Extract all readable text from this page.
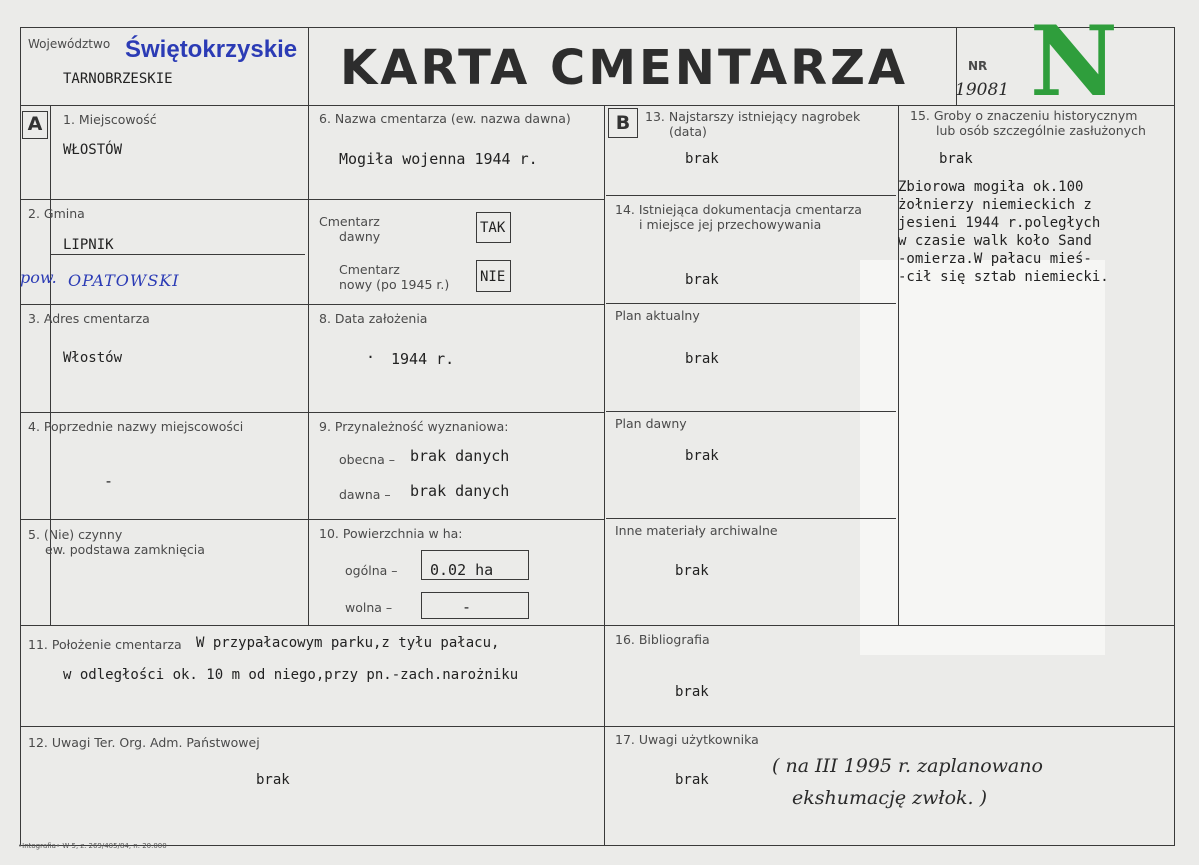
Województwo Świętokrzyskie
TARNOBRZESKIE	KARTA CMENTARZA	NR
19081 N
A	B
1. Miejscowość
WŁOSTÓW
2. Gmina
LIPNIK
pow. OPATOWSKI
3. Adres cmentarza
Włostów
4. Poprzednie nazwy miejscowości
-
5. (Nie) czynny
ew. podstawa zamknięcia
6. Nazwa cmentarza (ew. nazwa dawna)
Mogiła wojenna 1944 r.
Cmentarz
dawny
TAK
Cmentarz
nowy (po 1945 r.) NIE
8. Data założenia
· 1944 r.
9. Przynależność wyznaniowa:
obecna – brak danych
dawna – brak danych
10. Powierzchnia w ha:
ogólna – 0.02 ha
wolna –	-
13. Najstarszy istniejący nagrobek
(data)
brak
14. Istniejąca dokumentacja cmentarza
i miejsce jej przechowywania
brak
Plan aktualny
brak
Plan dawny
brak
Inne materiały archiwalne
brak
15. Groby o znaczeniu historycznym
lub osób szczególnie zasłużonych
brak
Zbiorowa mogiła ok.100
żołnierzy niemieckich z
jesieni 1944 r.poległych
w czasie walk koło Sand
-omierza.W pałacu mieś-
-cił się sztab niemiecki.
11. Położenie cmentarza W przypałacowym parku,z tyłu pałacu,
w odległości ok. 10 m od niego,przy pn.-zach.narożniku
16. Bibliografia
brak
12. Uwagi Ter. Org. Adm. Państwowej
brak
17. Uwagi użytkownika
brak
( na III 1995 r. zaplanowano
ekshumację zwłok. )
•Intografia• W-5, z. 269/405/84, n. 20.000
